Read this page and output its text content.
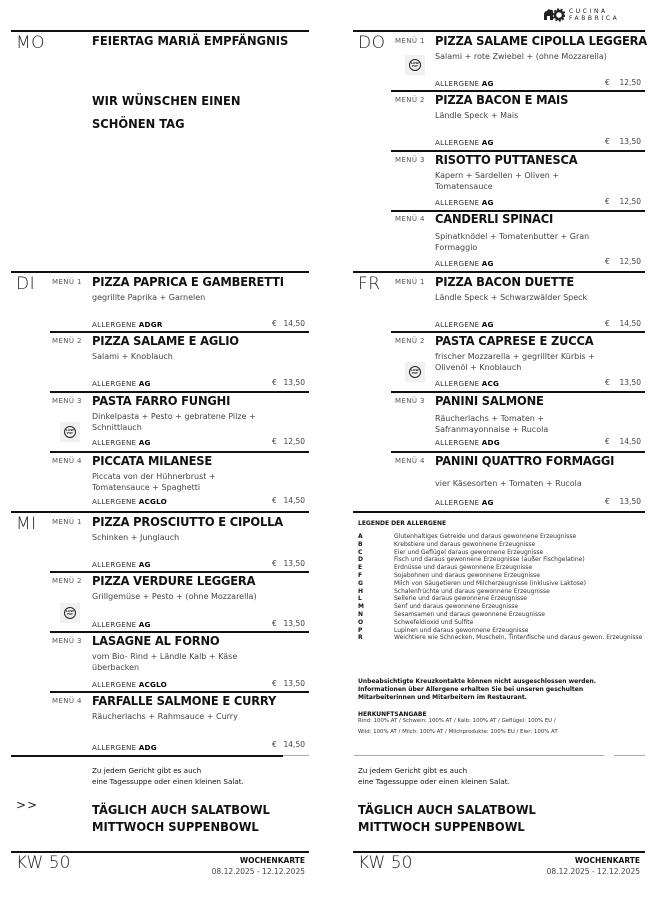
CUCINA
FABBRICA
MO	FEIERTAG MARIÄ EMPFÄNGNIS
WIR WÜNSCHEN EINEN
SCHÖNEN TAG
DI MENÜ 1 PIZZA PAPRICA E GAMBERETTI
gegrillte Paprika + Garnelen
ALLERGENE ADGR	€ 14,50
MENÜ 2 PIZZA SALAME E AGLIO
Salami + Knoblauch
ALLERGENE AG	€ 13,50
MENÜ 3 PASTA FARRO FUNGHI
Dinkelpasta + Pesto + gebratene Pilze + Schnittlauch
LOW
FAT
ALLERGENE AG	€ 12,50
MENÜ 4 PICCATA MILANESE
Piccata von der Hühnerbrust + Tomatensauce + Spaghetti
ALLERGENE ACGLO	€ 14,50
MI MENÜ 1 PIZZA PROSCIUTTO E CIPOLLA
Schinken + Junglauch
ALLERGENE AG	€ 13,50
MENÜ 2 PIZZA VERDURE LEGGERA
Grillgemüse + Pesto + (ohne Mozzarella)
LOW
FAT
ALLERGENE AG	€ 13,50
MENÜ 3 LASAGNE AL FORNO
vom Bio- Rind + Ländle Kalb + Käse überbacken
ALLERGENE ACGLO	€ 13,50
MENÜ 4 FARFALLE SALMONE E CURRY
Räucherlachs + Rahmsauce + Curry
ALLERGENE ADG	€ 14,50
Zu jedem Gericht gibt es auch
eine Tagessuppe oder einen kleinen Salat.
>>	TÄGLICH AUCH SALATBOWL
MITTWOCH SUPPENBOWL
KW 50	WOCHENKARTE
08.12.2025 - 12.12.2025
DO MENÜ 1 PIZZA SALAME CIPOLLA LEGGERA
Salami + rote Zwiebel + (ohne Mozzarella)
LOW
FAT
ALLERGENE AG	€	12,50
MENÜ 2 PIZZA BACON E MAIS
Ländle Speck + Mais
ALLERGENE AG	€	13,50
MENÜ 3 RISOTTO PUTTANESCA
Kapern + Sardellen + Oliven + Tomatensauce
ALLERGENE AG	€	12,50
MENÜ 4 CANDERLI SPINACI
Spinatknödel + Tomatenbutter + Gran Formaggio
ALLERGENE AG	€	12,50
FR MENÜ 1 PIZZA BACON DUETTE
Ländle Speck + Schwarzwälder Speck
ALLERGENE AG	€	14,50
MENÜ 2 PASTA CAPRESE E ZUCCA
frischer Mozzarella + gegrillter Kürbis + Olivenöl + Knoblauch
LOW
FAT
ALLERGENE ACG	€	13,50
MENÜ 3 PANINI SALMONE
Räucherlachs + Tomaten + Safranmayonnaise + Rucola
ALLERGENE ADG	€	14,50
MENÜ 4 PANINI QUATTRO FORMAGGI
vier Käsesorten + Tomaten + Rucola
ALLERGENE AG	€	13,50
LEGENDE DER ALLERGENE
A	Glutenhaltiges Getreide und daraus gewonnene Erzeugnisse
B	Krebstiere und daraus gewonnene Erzeugnisse
C	Eier und Geflügel daraus gewonnene Erzeugnisse
D	Fisch und daraus gewonnene Erzeugnisse (außer Fischgelatine)
E	Erdnüsse und daraus gewonnene Erzeugnisse
F	Sojabohnen und daraus gewonnene Erzeugnisse
G	Milch von Säugetieren und Milcherzeugnisse (inklusive Laktose)
H	Schalenfrüchte und daraus gewonnene Erzeugnisse
L	Sellerie und daraus gewonnene Erzeugnisse
M	Senf und daraus gewonnene Erzeugnisse
N	Sesamsamen und daraus gewonnene Erzeugnisse
O	Schwefeldioxid und Sulfite
P	Lupinen und daraus gewonnene Erzeugnisse
R	Weichtiere wie Schnecken, Muscheln, Tintenfische und daraus gewon. Erzeugnisse
Unbeabsichtigte Kreuzkontakte können nicht ausgeschlossen werden.
Informationen über Allergene erhalten Sie bei unseren geschulten
Mitarbeiterinnen und Mitarbeitern im Restaurant.
HERKUNFTSANGABE
Rind: 100% AT / Schwein: 100% AT / Kalb: 100% AT / Geflügel: 100% EU /
Wild: 100% AT / Milch: 100% AT / Milchprodukte: 100% EU / Eier: 100% AT
Zu jedem Gericht gibt es auch
eine Tagessuppe oder einen kleinen Salat.
TÄGLICH AUCH SALATBOWL
MITTWOCH SUPPENBOWL
KW 50	WOCHENKARTE
08.12.2025 - 12.12.2025
